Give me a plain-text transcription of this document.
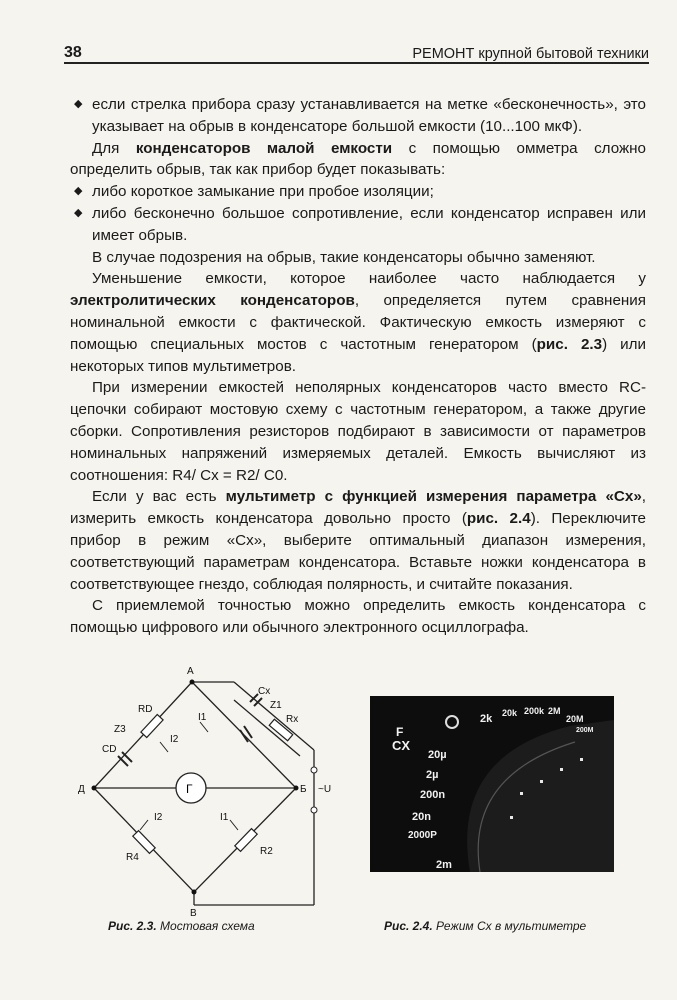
38	РЕМОНТ крупной бытовой техники

◆ если стрелка прибора сразу устанавливается на метке «бесконечность», это указывает на обрыв в конденсаторе большой емкости (10...100 мкФ).

Для конденсаторов малой емкости с помощью омметра сложно определить обрыв, так как прибор будет показывать:

◆ либо короткое замыкание при пробое изоляции;

◆ либо бесконечно большое сопротивление, если конденсатор исправен или имеет обрыв.

В случае подозрения на обрыв, такие конденсаторы обычно заменяют.

Уменьшение емкости, которое наиболее часто наблюдается у электролитических конденсаторов, определяется путем сравнения номинальной емкости с фактической. Фактическую емкость измеряют с помощью специальных мостов с частотным генератором (рис. 2.3) или некоторых типов мультиметров.

При измерении емкостей неполярных конденсаторов часто вместо RC-цепочки собирают мостовую схему с частотным генератором, а также другие сборки. Сопротивления резисторов подбирают в зависимости от параметров номинальных напряжений измеряемых деталей. Емкость вычисляют из соотношения: R4/ Cx = R2/ C0.

Если у вас есть мультиметр с функцией измерения параметра «Сх», измерить емкость конденсатора довольно просто (рис. 2.4). Переключите прибор в режим «Сх», выберите оптимальный диапазон измерения, соответствующий параметрам конденсатора. Вставьте ножки конденсатора в соответствующее гнездо, соблюдая полярность, и считайте показания.

С приемлемой точностью можно определить емкость конденсатора с помощью цифрового или обычного электронного осциллографа.

Г
A
B
Д	Б ~U
RD
Z3
CD
I2
I1
Cx
Z1
Rx
I2
R4
I1
R2
F
CX
2k 20k 200k 2M
20M
200M
20µ
2µ
200n
20n
2000P
2m
Рис. 2.3. Мостовая схема	Рис. 2.4. Режим Сх в мультиметре
